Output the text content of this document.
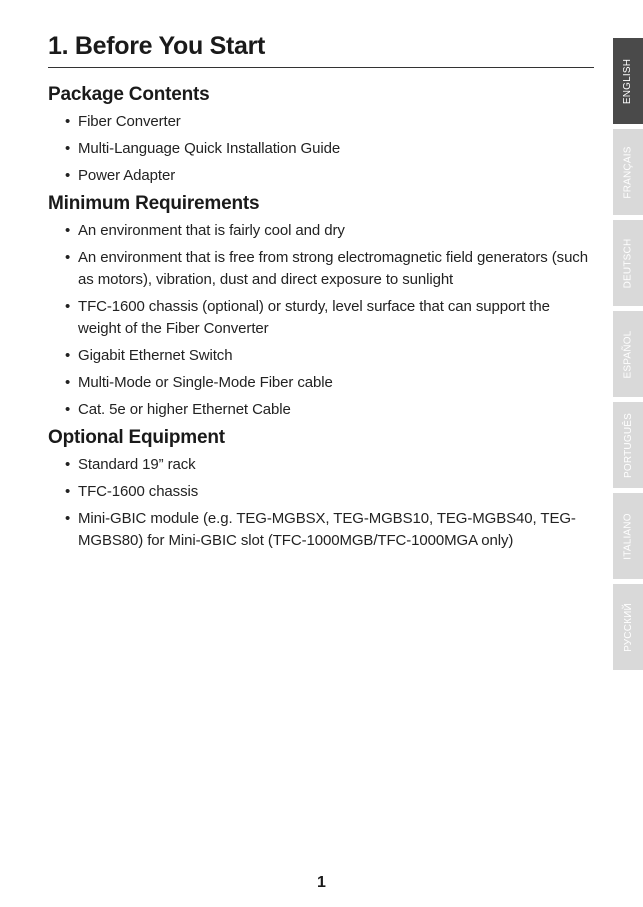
1. Before You Start
Package Contents
• Fiber Converter
• Multi-Language Quick Installation Guide
• Power Adapter
Minimum Requirements
• An environment that is fairly cool and dry
• An environment that is free from strong electromagnetic field generators (such as motors), vibration, dust and direct exposure to sunlight
• TFC-1600 chassis (optional) or sturdy, level surface that can support the weight of the Fiber Converter
• Gigabit Ethernet Switch
• Multi-Mode or Single-Mode Fiber cable
• Cat. 5e or higher Ethernet Cable
Optional Equipment
• Standard 19” rack
• TFC-1600 chassis
• Mini-GBIC module (e.g. TEG-MGBSX, TEG-MGBS10, TEG-MGBS40, TEG-MGBS80) for Mini-GBIC slot (TFC-1000MGB/TFC-1000MGA only)
ENGLISH
FRANÇAIS
DEUTSCH
ESPAÑOL
PORTUGUÊS
ITALIANO
РУССКИЙ
1
